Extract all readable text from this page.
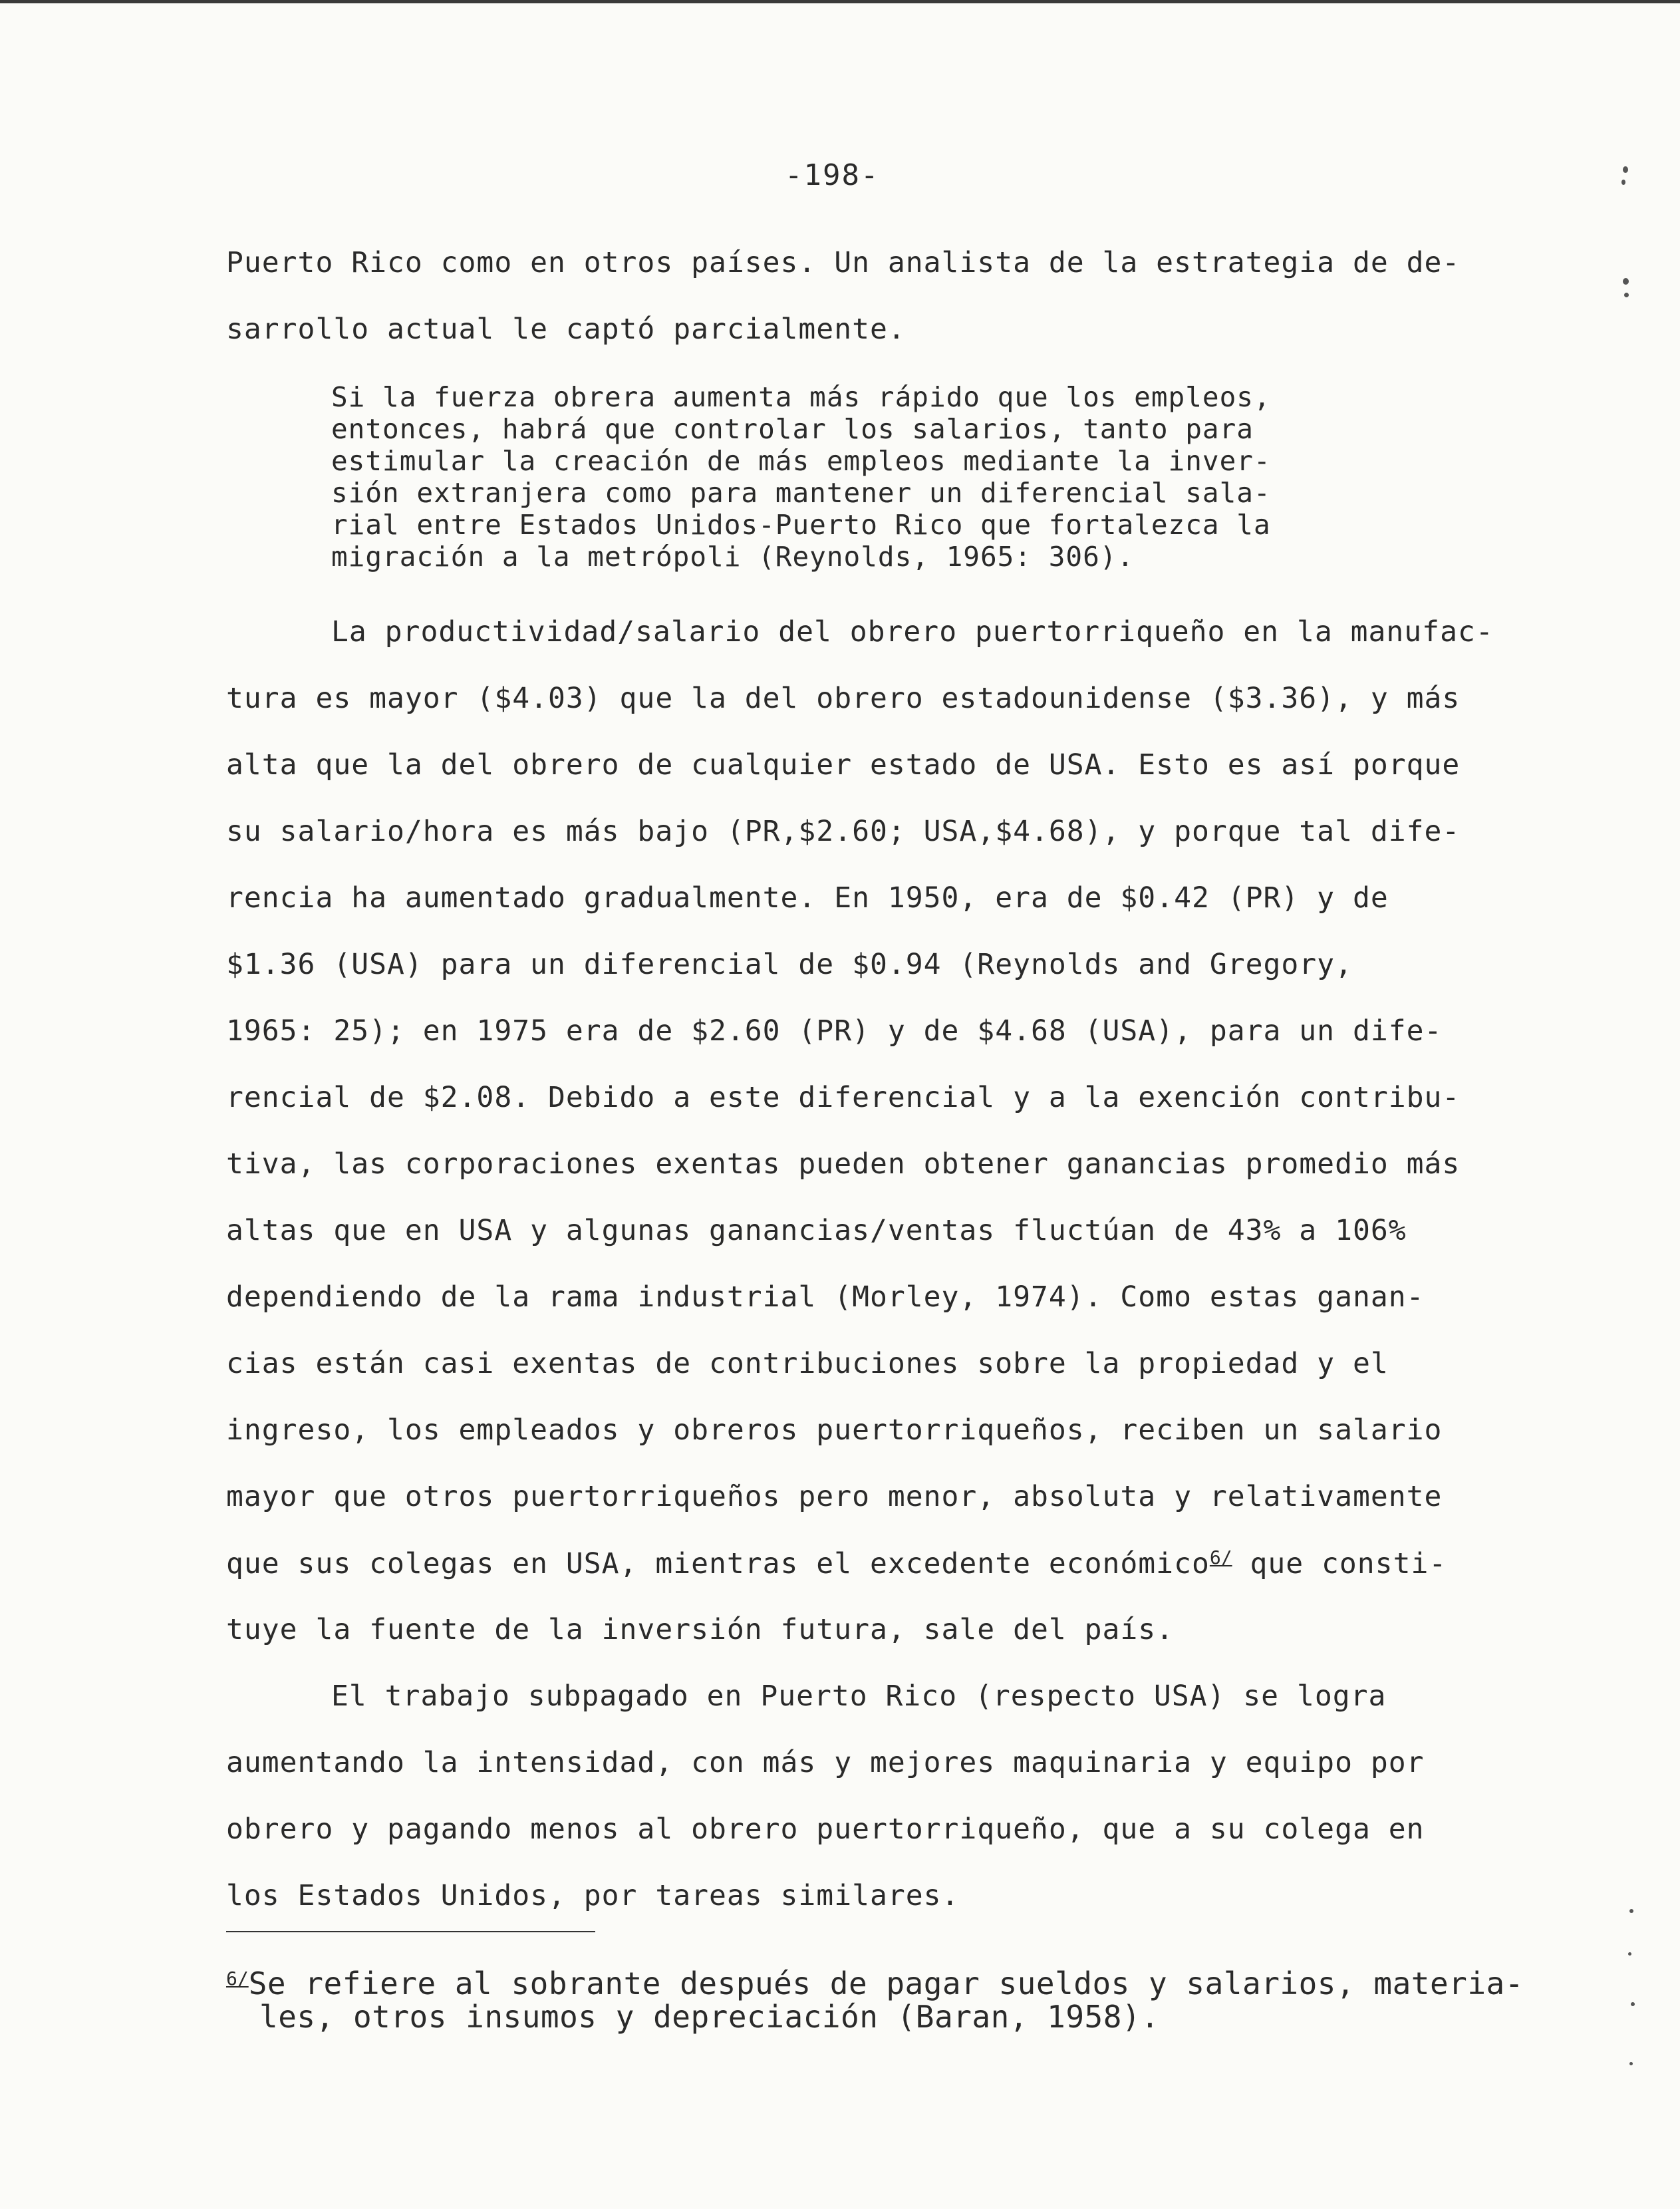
-198-
Puerto Rico como en otros países. Un analista de la estrategia de de-
sarrollo actual le captó parcialmente.
Si la fuerza obrera aumenta más rápido que los empleos,
entonces, habrá que controlar los salarios, tanto para
estimular la creación de más empleos mediante la inver-
sión extranjera como para mantener un diferencial sala-
rial entre Estados Unidos-Puerto Rico que fortalezca la
migración a la metrópoli (Reynolds, 1965: 306).
La productividad/salario del obrero puertorriqueño en la manufac-
tura es mayor ($4.03) que la del obrero estadounidense ($3.36), y más
alta que la del obrero de cualquier estado de USA. Esto es así porque
su salario/hora es más bajo (PR,$2.60; USA,$4.68), y porque tal dife-
rencia ha aumentado gradualmente. En 1950, era de $0.42 (PR) y de
$1.36 (USA) para un diferencial de $0.94 (Reynolds and Gregory,
1965: 25); en 1975 era de $2.60 (PR) y de $4.68 (USA), para un dife-
rencial de $2.08. Debido a este diferencial y a la exención contribu-
tiva, las corporaciones exentas pueden obtener ganancias promedio más
altas que en USA y algunas ganancias/ventas fluctúan de 43% a 106%
dependiendo de la rama industrial (Morley, 1974). Como estas ganan-
cias están casi exentas de contribuciones sobre la propiedad y el
ingreso, los empleados y obreros puertorriqueños, reciben un salario
mayor que otros puertorriqueños pero menor, absoluta y relativamente
que sus colegas en USA, mientras el excedente económico$^{6/}$ que consti-
tuye la fuente de la inversión futura, sale del país.
El trabajo subpagado en Puerto Rico (respecto USA) se logra
aumentando la intensidad, con más y mejores maquinaria y equipo por
obrero y pagando menos al obrero puertorriqueño, que a su colega en
los Estados Unidos, por tareas similares.
$^{6/}$Se refiere al sobrante después de pagar sueldos y salarios, materia-
les, otros insumos y depreciación (Baran, 1958).
